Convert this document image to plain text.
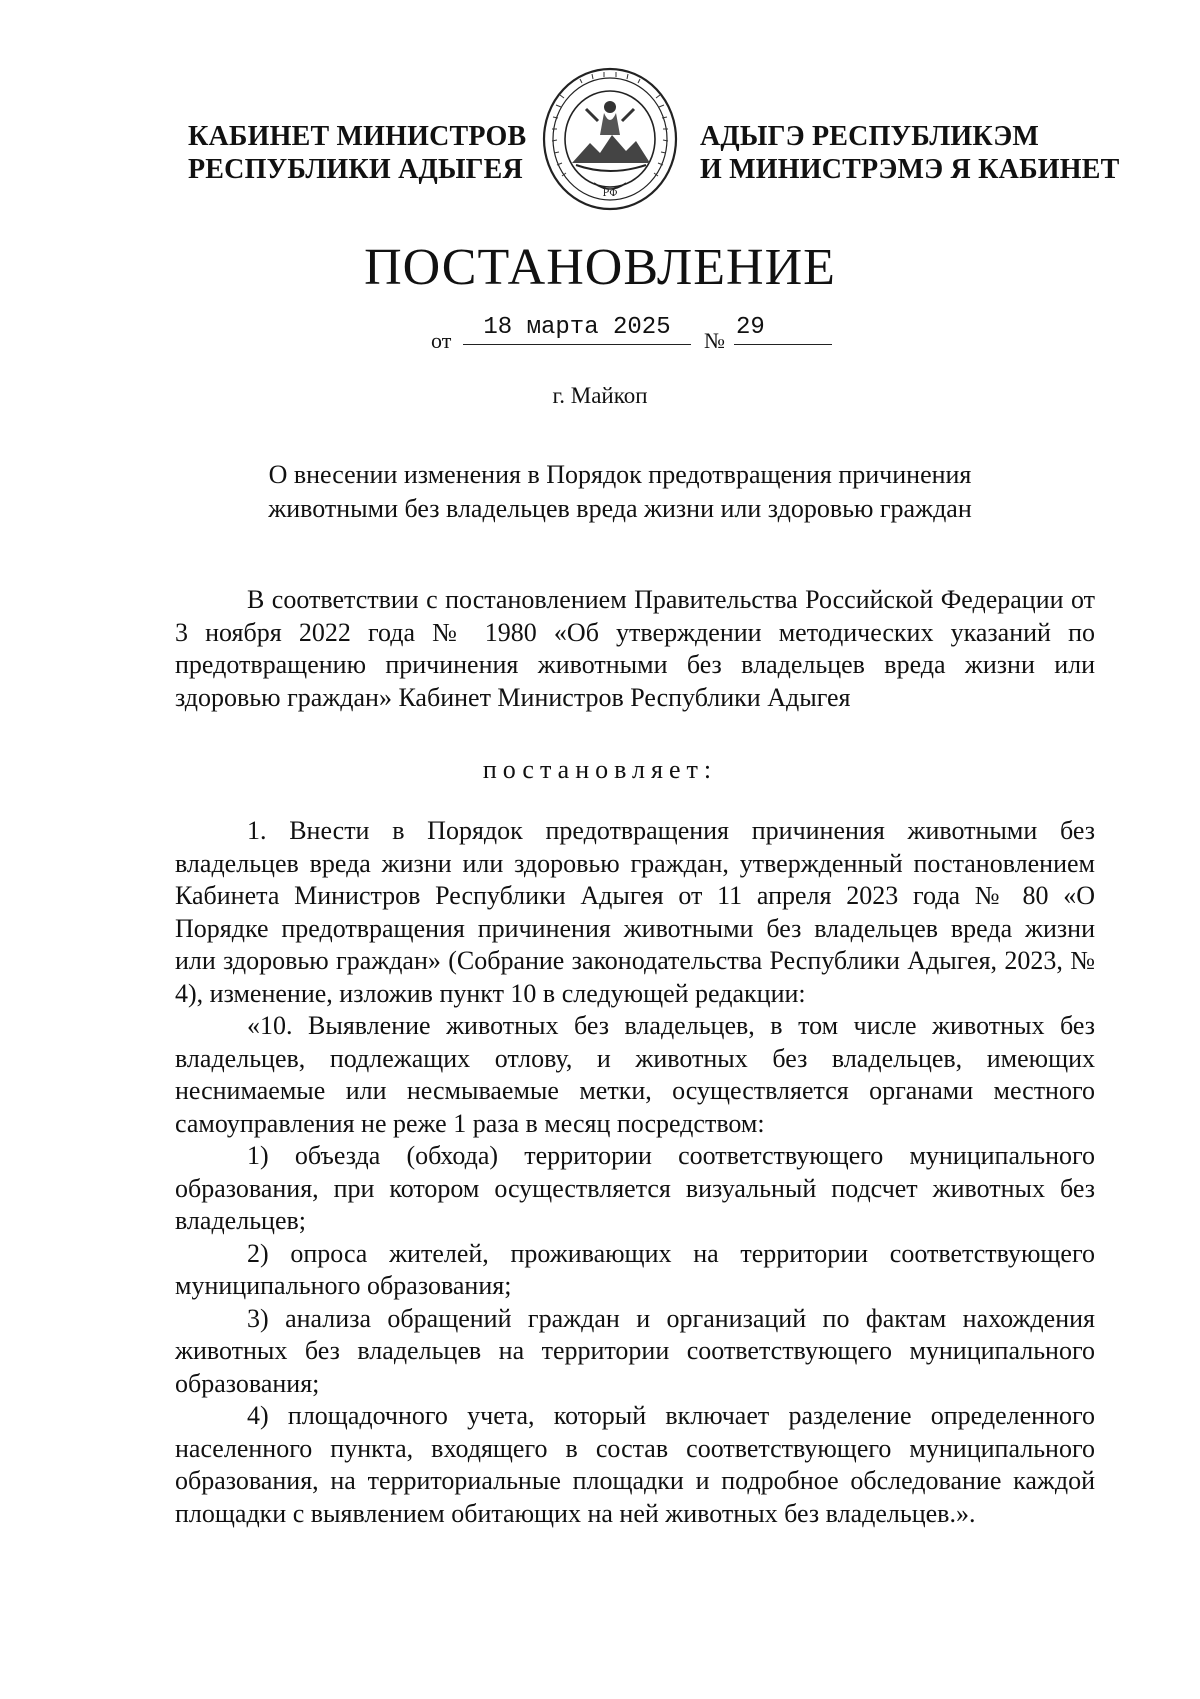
КАБИНЕТ МИНИСТРОВ
РЕСПУБЛИКИ АДЫГЕЯ
РФ
АДЫГЭ РЕСПУБЛИКЭМ
И МИНИСТРЭМЭ Я КАБИНЕТ
ПОСТАНОВЛЕНИЕ
от	18 марта 2025	№ 29
г. Майкоп
О внесении изменения в Порядок предотвращения причинения
животными без владельцев вреда жизни или здоровью граждан

В соответствии с постановлением Правительства Российской Федерации от 3 ноября 2022 года № 1980 «Об утверждении методических указаний по предотвращению причинения животными без владельцев вреда жизни или здоровью граждан» Кабинет Министров Республики Адыгея

постановляет:

1. Внести в Порядок предотвращения причинения животными без владельцев вреда жизни или здоровью граждан, утвержденный постановлением Кабинета Министров Республики Адыгея от 11 апреля 2023 года № 80 «О Порядке предотвращения причинения животными без владельцев вреда жизни или здоровью граждан» (Собрание законодательства Республики Адыгея, 2023, № 4), изменение, изложив пункт 10 в следующей редакции:

«10. Выявление животных без владельцев, в том числе животных без владельцев, подлежащих отлову, и животных без владельцев, имеющих неснимаемые или несмываемые метки, осуществляется органами местного самоуправления не реже 1 раза в месяц посредством:

1) объезда (обхода) территории соответствующего муниципального образования, при котором осуществляется визуальный подсчет животных без владельцев;

2) опроса жителей, проживающих на территории соответствующего муниципального образования;

3) анализа обращений граждан и организаций по фактам нахождения животных без владельцев на территории соответствующего муниципального образования;

4) площадочного учета, который включает разделение определенного населенного пункта, входящего в состав соответствующего муниципального образования, на территориальные площадки и подробное обследование каждой площадки с выявлением обитающих на ней животных без владельцев.».
